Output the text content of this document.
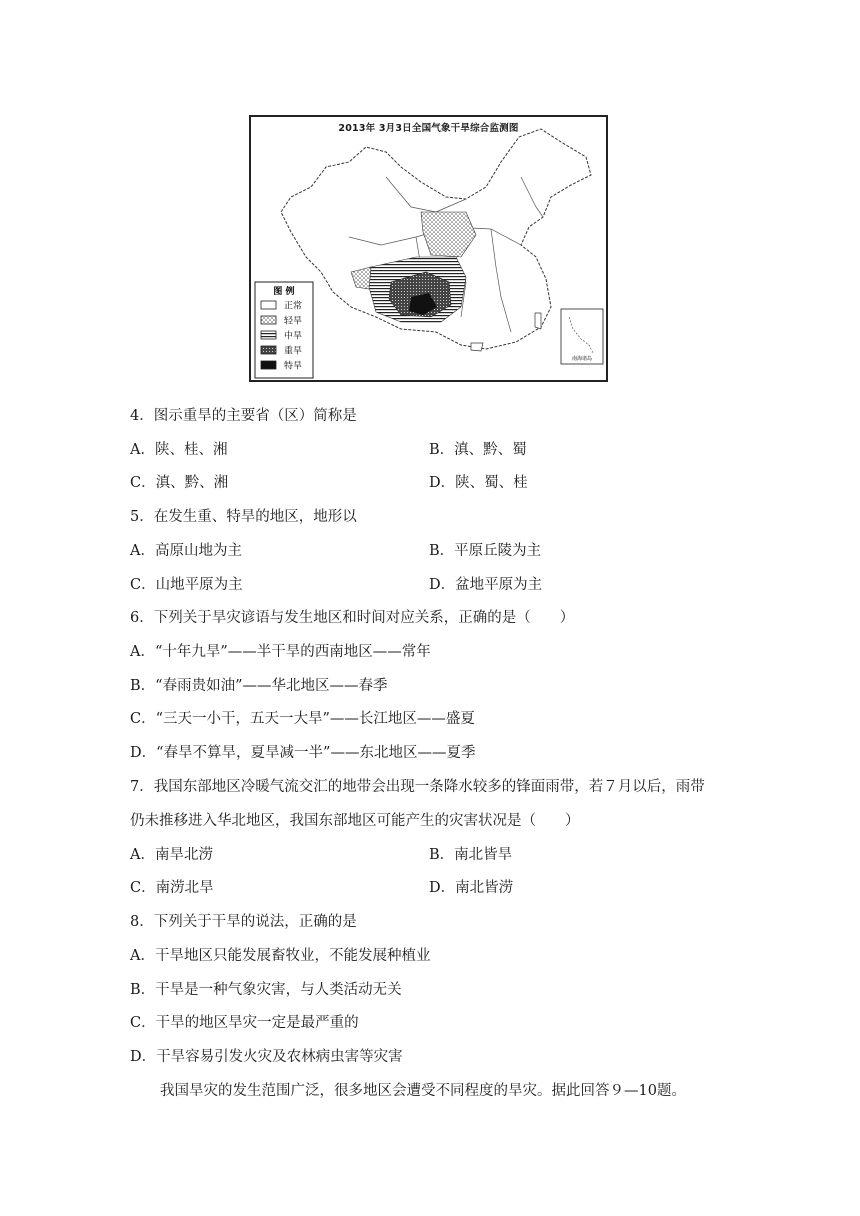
2013年 3月3日全国气象干旱综合监测图
图 例
正常
轻旱
中旱
重旱
特旱
南海诸岛
4．图示重旱的主要省（区）简称是
A．陕、桂、湘	B．滇、黔、蜀
C．滇、黔、湘	D．陕、蜀、桂
5．在发生重、特旱的地区，地形以
A．高原山地为主	B．平原丘陵为主
C．山地平原为主	D．盆地平原为主
6．下列关于旱灾谚语与发生地区和时间对应关系，正确的是（　　）
A．“十年九旱”——半干旱的西南地区——常年
B．“春雨贵如油”——华北地区——春季
C．“三天一小干，五天一大旱”——长江地区——盛夏
D．“春旱不算旱，夏旱减一半”——东北地区——夏季
7．我国东部地区冷暖气流交汇的地带会出现一条降水较多的锋面雨带，若７月以后，雨带
仍未推移进入华北地区，我国东部地区可能产生的灾害状况是（　　）
A．南旱北涝	B．南北皆旱
C．南涝北旱	D．南北皆涝
8．下列关于干旱的说法，正确的是
A．干旱地区只能发展畜牧业，不能发展种植业
B．干旱是一种气象灾害，与人类活动无关
C．干旱的地区旱灾一定是最严重的
D．干旱容易引发火灾及农林病虫害等灾害
我国旱灾的发生范围广泛，很多地区会遭受不同程度的旱灾。据此回答９—10题。
